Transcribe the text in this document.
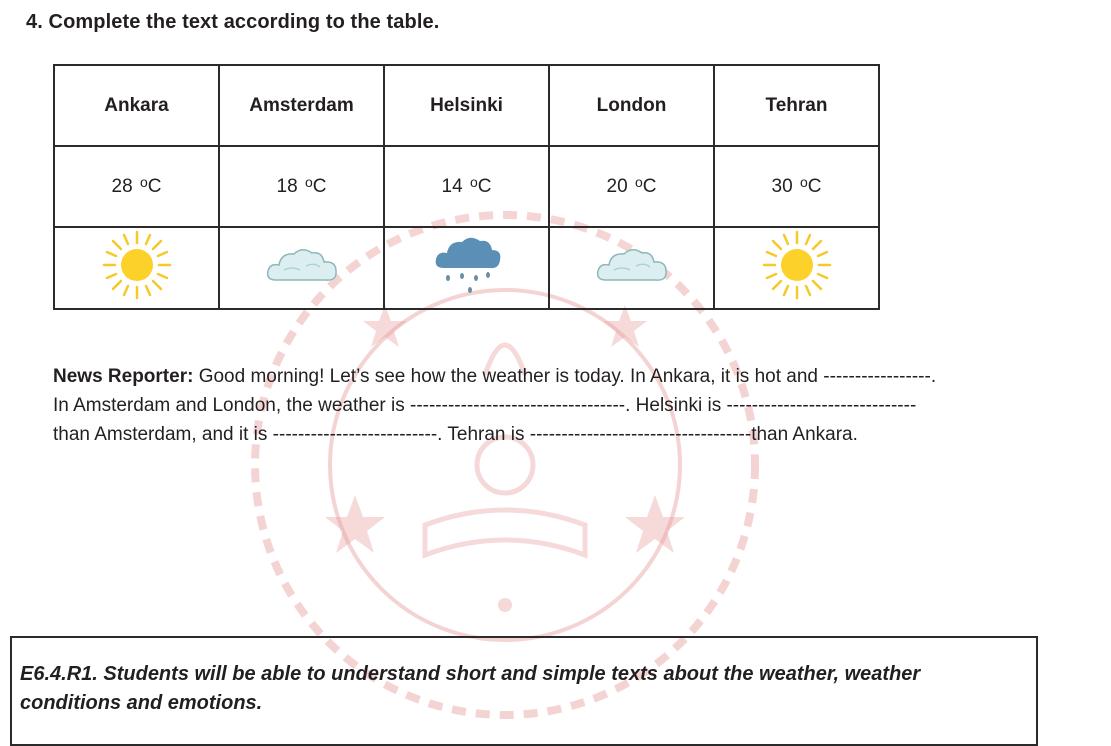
4. Complete the text according to the table.
Ankara	Amsterdam	Helsinki	London	Tehran
28 $^o$C	18 $^o$C	14 $^o$C	20 $^o$C	30 $^o$C

News Reporter: Good morning! Let’s see how the weather is today. In Ankara, it is hot and -----------------.
In Amsterdam and London, the weather is ----------------------------------. Helsinki is ------------------------------
than Amsterdam, and it is --------------------------. Tehran is -----------------------------------than Ankara.
E6.4.R1. Students will be able to understand short and simple texts about the weather, weather conditions and emotions.
